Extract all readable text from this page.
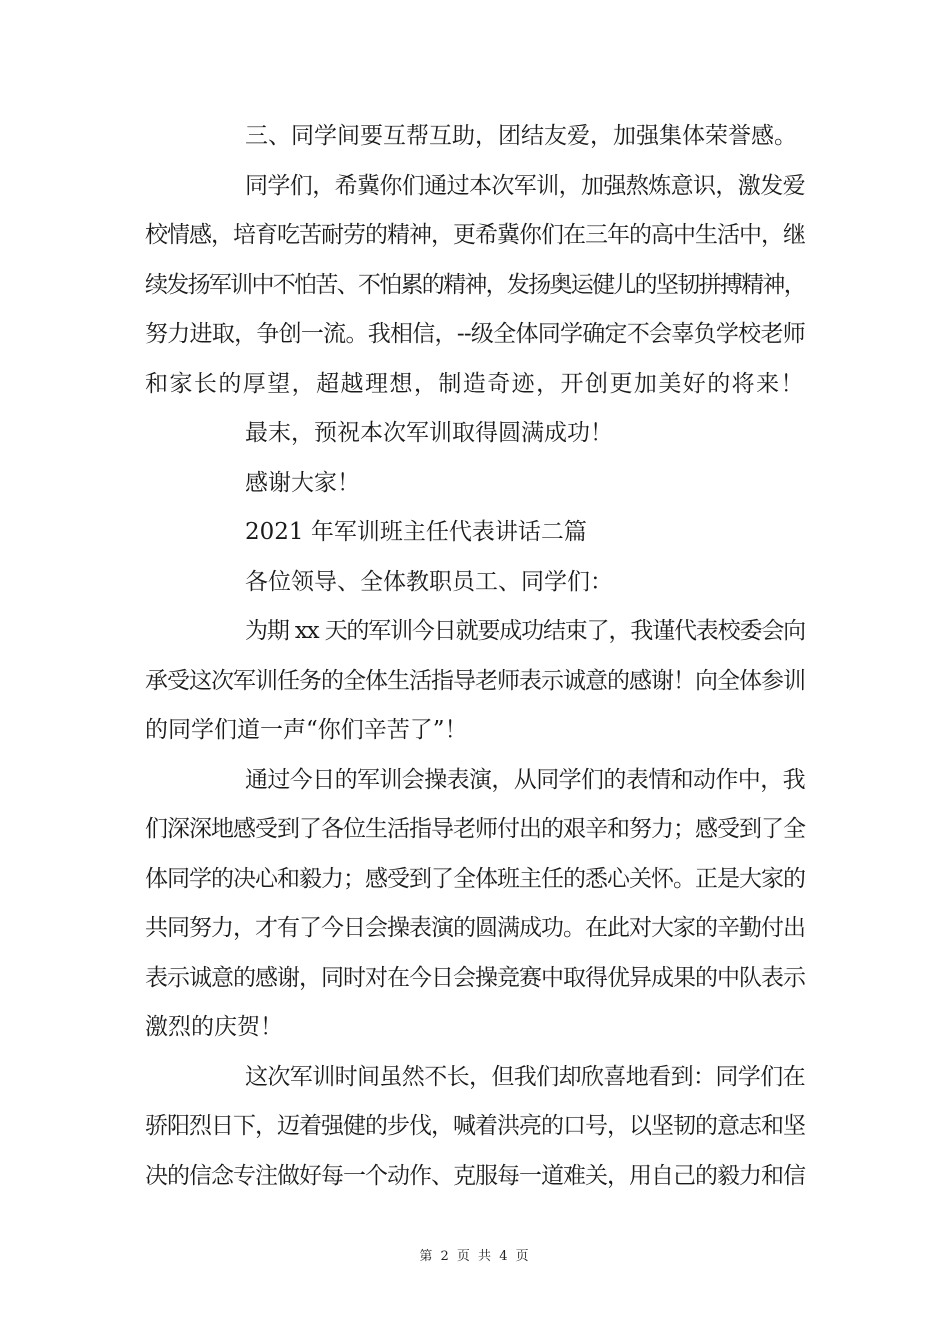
三、同学间要互帮互助，团结友爱，加强集体荣誉感。
同学们，希冀你们通过本次军训，加强熬炼意识，激发爱
校情感，培育吃苦耐劳的精神，更希冀你们在三年的高中生活中，继
续发扬军训中不怕苦、不怕累的精神，发扬奥运健儿的坚韧拼搏精神，
努力进取，争创一流。我相信，--级全体同学确定不会辜负学校老师
和家长的厚望，超越理想，制造奇迹，开创更加美好的将来！
最末，预祝本次军训取得圆满成功！
感谢大家！
2021 年军训班主任代表讲话二篇
各位领导、全体教职员工、同学们：
为期 xx 天的军训今日就要成功结束了，我谨代表校委会向
承受这次军训任务的全体生活指导老师表示诚意的感谢！向全体参训
的同学们道一声“你们辛苦了”！
通过今日的军训会操表演，从同学们的表情和动作中，我
们深深地感受到了各位生活指导老师付出的艰辛和努力；感受到了全
体同学的决心和毅力；感受到了全体班主任的悉心关怀。正是大家的
共同努力，才有了今日会操表演的圆满成功。在此对大家的辛勤付出
表示诚意的感谢，同时对在今日会操竞赛中取得优异成果的中队表示
激烈的庆贺！
这次军训时间虽然不长，但我们却欣喜地看到：同学们在
骄阳烈日下，迈着强健的步伐，喊着洪亮的口号，以坚韧的意志和坚
决的信念专注做好每一个动作、克服每一道难关，用自己的毅力和信
第 2 页 共 4 页
